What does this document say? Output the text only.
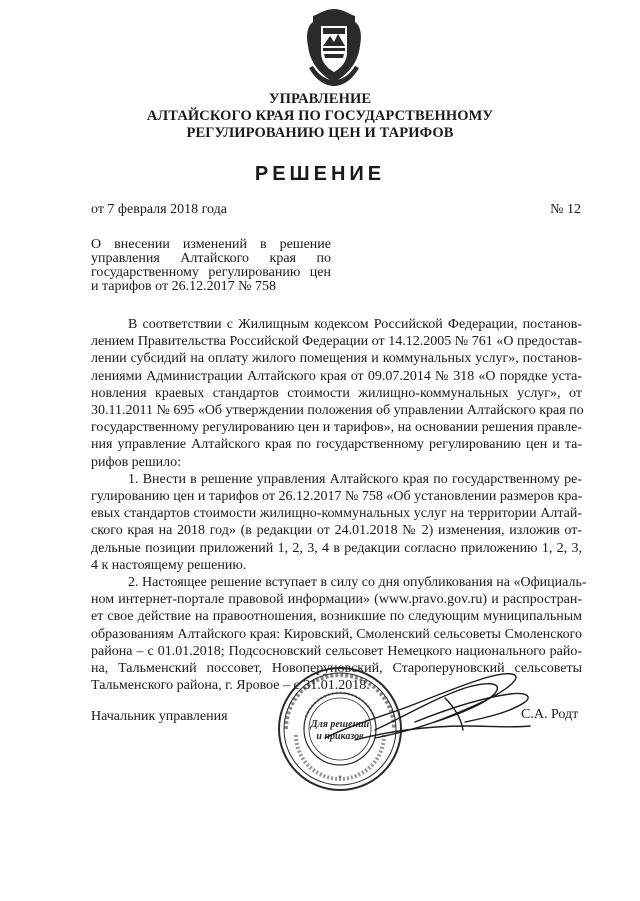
УПРАВЛЕНИЕ
АЛТАЙСКОГО КРАЯ ПО ГОСУДАРСТВЕННОМУ
РЕГУЛИРОВАНИЮ ЦЕН И ТАРИФОВ
РЕШЕНИЕ
от 7 февраля 2018 года	№ 12
О внесении изменений в решение
управления Алтайского края по
государственному регулированию цен
и тарифов от 26.12.2017 № 758
В соответствии с Жилищным кодексом Российской Федерации, постанов-
лением Правительства Российской Федерации от 14.12.2005 № 761 «О предостав-
лении субсидий на оплату жилого помещения и коммунальных услуг», постанов-
лениями Администрации Алтайского края от 09.07.2014 № 318 «О порядке уста-
новления краевых стандартов стоимости жилищно-коммунальных услуг», от
30.11.2011 № 695 «Об утверждении положения об управлении Алтайского края по
государственному регулированию цен и тарифов», на основании решения правле-
ния управление Алтайского края по государственному регулированию цен и та-
рифов решило:
1. Внести в решение управления Алтайского края по государственному ре-
гулированию цен и тарифов от 26.12.2017 № 758 «Об установлении размеров кра-
евых стандартов стоимости жилищно-коммунальных услуг на территории Алтай-
ского края на 2018 год» (в редакции от 24.01.2018 № 2) изменения, изложив от-
дельные позиции приложений 1, 2, 3, 4 в редакции согласно приложению 1, 2, 3,
4 к настоящему решению.
2. Настоящее решение вступает в силу со дня опубликования на «Официаль-
ном интернет-портале правовой информации» (www.pravo.gov.ru) и распростран-
ет свое действие на правоотношения, возникшие по следующим муниципальным
образованиям Алтайского края: Кировский, Смоленский сельсоветы Смоленского
района – с 01.01.2018; Подсосновский сельсовет Немецкого национального райо-
на, Тальменский поссовет, Новоперуновский, Староперуновский сельсоветы
Тальменского района, г. Яровое – с 31.01.2018.
Начальник управления	С.А. Родт
Для решений
и приказов
*
